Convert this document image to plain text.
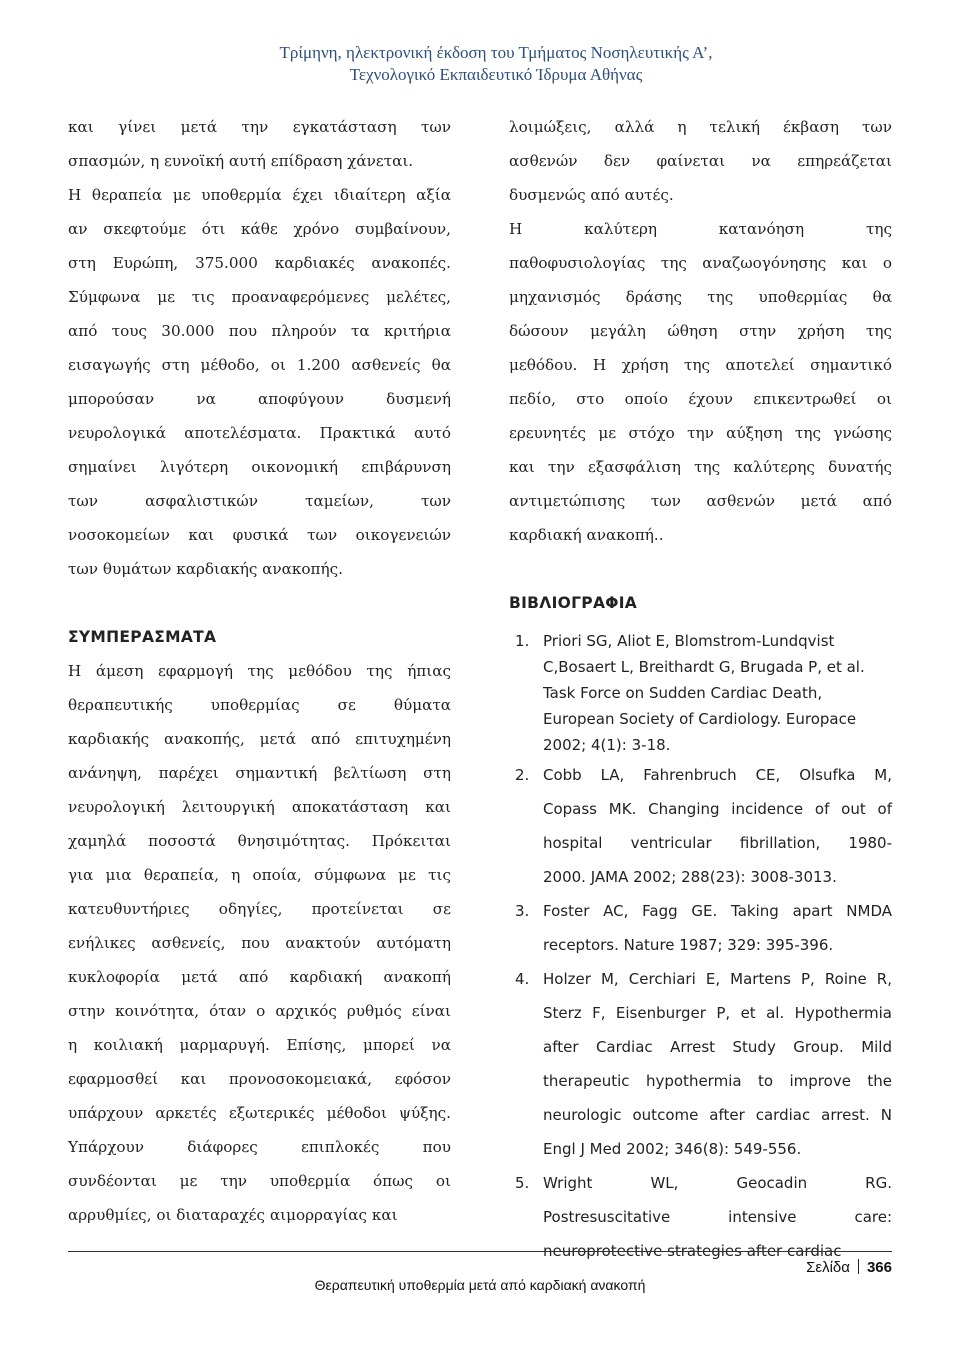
Τρίμηνη, ηλεκτρονική έκδοση του Τμήματος Νοσηλευτικής Α’,
Τεχνολογικό Εκπαιδευτικό Ίδρυμα Αθήνας
και γίνει μετά την εγκατάσταση των
σπασμών, η ευνοϊκή αυτή επίδραση χάνεται.
Η θεραπεία με υποθερμία έχει ιδιαίτερη αξία
αν σκεφτούμε ότι κάθε χρόνο συμβαίνουν,
στη Ευρώπη, 375.000 καρδιακές ανακοπές.
Σύμφωνα με τις προαναφερόμενες μελέτες,
από τους 30.000 που πληρούν τα κριτήρια
εισαγωγής στη μέθοδο, οι 1.200 ασθενείς θα
μπορούσαν να αποφύγουν δυσμενή
νευρολογικά αποτελέσματα. Πρακτικά αυτό
σημαίνει λιγότερη οικονομική επιβάρυνση
των ασφαλιστικών ταμείων, των
νοσοκομείων και φυσικά των οικογενειών
των θυμάτων καρδιακής ανακοπής.
ΣΥΜΠΕΡΑΣΜΑΤΑ
Η άμεση εφαρμογή της μεθόδου της ήπιας
θεραπευτικής υποθερμίας σε θύματα
καρδιακής ανακοπής, μετά από επιτυχημένη
ανάνηψη, παρέχει σημαντική βελτίωση στη
νευρολογική λειτουργική αποκατάσταση και
χαμηλά ποσοστά θνησιμότητας. Πρόκειται
για μια θεραπεία, η οποία, σύμφωνα με τις
κατευθυντήριες οδηγίες, προτείνεται σε
ενήλικες ασθενείς, που ανακτούν αυτόματη
κυκλοφορία μετά από καρδιακή ανακοπή
στην κοινότητα, όταν ο αρχικός ρυθμός είναι
η κοιλιακή μαρμαρυγή. Επίσης, μπορεί να
εφαρμοσθεί και προνοσοκομειακά, εφόσον
υπάρχουν αρκετές εξωτερικές μέθοδοι ψύξης.
Υπάρχουν διάφορες επιπλοκές που
συνδέονται με την υποθερμία όπως οι
αρρυθμίες, οι διαταραχές αιμορραγίας και
λοιμώξεις, αλλά η τελική έκβαση των
ασθενών δεν φαίνεται να επηρεάζεται
δυσμενώς από αυτές.
Η καλύτερη κατανόηση της
παθοφυσιολογίας της αναζωογόνησης και ο
μηχανισμός δράσης της υποθερμίας θα
δώσουν μεγάλη ώθηση στην χρήση της
μεθόδου. Η χρήση της αποτελεί σημαντικό
πεδίο, στο οποίο έχουν επικεντρωθεί οι
ερευνητές με στόχο την αύξηση της γνώσης
και την εξασφάλιση της καλύτερης δυνατής
αντιμετώπισης των ασθενών μετά από
καρδιακή ανακοπή..
ΒΙΒΛΙΟΓΡΑΦΙΑ
1. Priori SG, Aliot E, Blomstrom-Lundqvist
C,Bosaert L, Breithardt G, Brugada P, et al.
Task Force on Sudden Cardiac Death,
European Society of Cardiology. Europace
2002; 4(1): 3-18.
2. Cobb LA, Fahrenbruch CE, Olsufka M,
Copass MK. Changing incidence of out of
hospital ventricular fibrillation, 1980-
2000. JAMA 2002; 288(23): 3008-3013.
3. Foster AC, Fagg GE. Taking apart NMDA
receptors. Nature 1987; 329: 395-396.
4. Holzer M, Cerchiari E, Martens P, Roine R,
Sterz F, Eisenburger P, et al. Hypothermia
after Cardiac Arrest Study Group. Mild
therapeutic hypothermia to improve the
neurologic outcome after cardiac arrest. N
Engl J Med 2002; 346(8): 549-556.
5. Wright WL, Geocadin RG.
Postresuscitative intensive care:
neuroprotective strategies after cardiac
Σελίδα 366
Θεραπευτική υποθερμία μετά από καρδιακή ανακοπή
